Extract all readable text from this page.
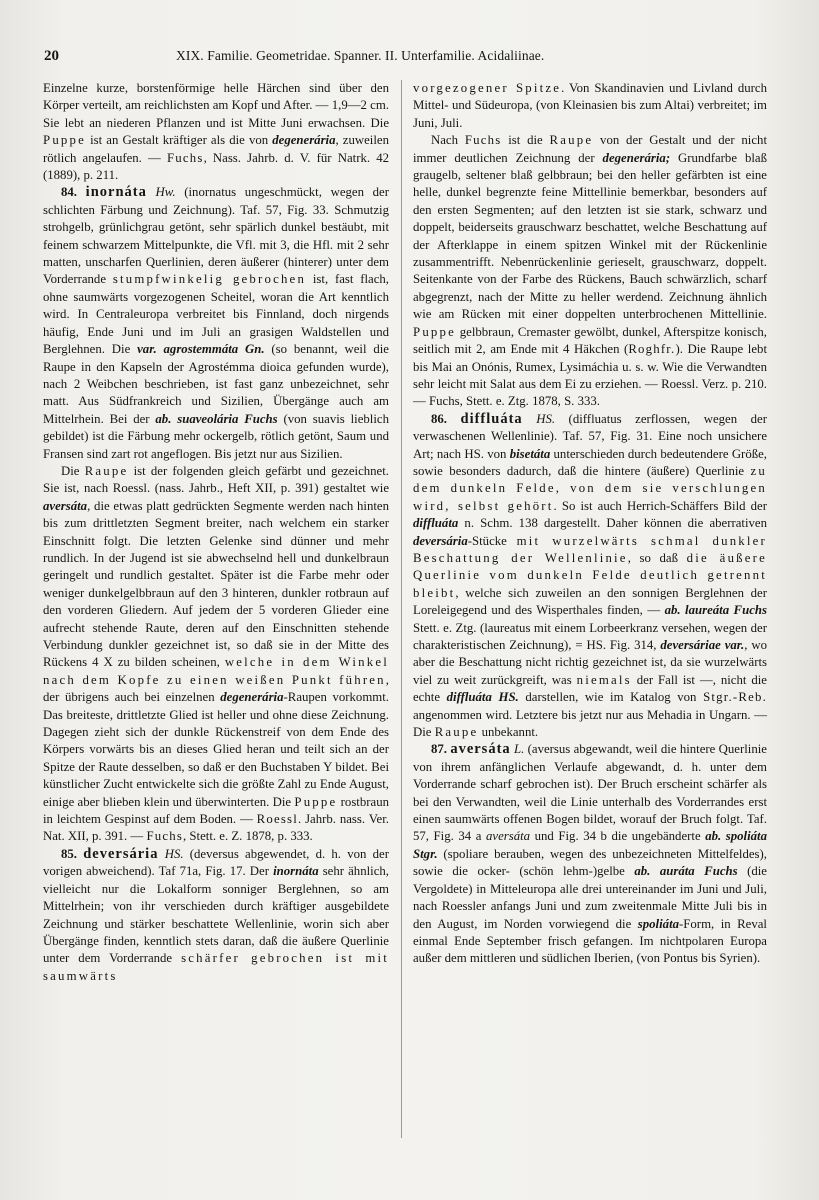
20	XIX. Familie. Geometridae. Spanner. II. Unterfamilie. Acidaliinae.

Einzelne kurze, borstenförmige helle Härchen sind über den Körper verteilt, am reichlichsten am Kopf und After. — 1,9—2 cm. Sie lebt an niederen Pflanzen und ist Mitte Juni erwachsen. Die Puppe ist an Gestalt kräftiger als die von degenerária, zuweilen rötlich angelaufen. — Fuchs, Nass. Jahrb. d. V. für Natrk. 42 (1889), p. 211.

84. inornáta Hw. (inornatus ungeschmückt, wegen der schlichten Färbung und Zeichnung). Taf. 57, Fig. 33. Schmutzig strohgelb, grünlichgrau getönt, sehr spärlich dunkel bestäubt, mit feinem schwarzem Mittelpunkte, die Vfl. mit 3, die Hfl. mit 2 sehr matten, unscharfen Querlinien, deren äußerer (hinterer) unter dem Vorderrande stumpfwinkelig gebrochen ist, fast flach, ohne saumwärts vorgezogenen Scheitel, woran die Art kenntlich wird. In Centraleuropa verbreitet bis Finnland, doch nirgends häufig, Ende Juni und im Juli an grasigen Waldstellen und Berglehnen. Die var. agrostemmáta Gn. (so benannt, weil die Raupe in den Kapseln der Agrostémma dioica gefunden wurde), nach 2 Weibchen beschrieben, ist fast ganz unbezeichnet, sehr matt. Aus Südfrankreich und Sizilien, Übergänge auch am Mittelrhein. Bei der ab. suaveolária Fuchs (von suavis lieblich gebildet) ist die Färbung mehr ockergelb, rötlich getönt, Saum und Fransen sind zart rot angeflogen. Bis jetzt nur aus Sizilien.

Die Raupe ist der folgenden gleich gefärbt und gezeichnet. Sie ist, nach Roessl. (nass. Jahrb., Heft XII, p. 391) gestaltet wie aversáta, die etwas platt gedrückten Segmente werden nach hinten bis zum drittletzten Segment breiter, nach welchem ein starker Einschnitt folgt. Die letzten Gelenke sind dünner und mehr rundlich. In der Jugend ist sie abwechselnd hell und dunkelbraun geringelt und rundlich gestaltet. Später ist die Farbe mehr oder weniger dunkelgelbbraun auf den 3 hinteren, dunkler rotbraun auf den vorderen Gliedern. Auf jedem der 5 vorderen Glieder eine aufrecht stehende Raute, deren auf den Einschnitten stehende Verbindung dunkler gezeichnet ist, so daß sie in der Mitte des Rückens 4 X zu bilden scheinen, welche in dem Winkel nach dem Kopfe zu einen weißen Punkt führen, der übrigens auch bei einzelnen degenerária-Raupen vorkommt. Das breiteste, drittletzte Glied ist heller und ohne diese Zeichnung. Dagegen zieht sich der dunkle Rückenstreif von dem Ende des Körpers vorwärts bis an dieses Glied heran und teilt sich an der Spitze der Raute desselben, so daß er den Buchstaben Y bildet. Bei künstlicher Zucht entwickelte sich die größte Zahl zu Ende August, einige aber blieben klein und überwinterten. Die Puppe rostbraun in leichtem Gespinst auf dem Boden. — Roessl. Jahrb. nass. Ver. Nat. XII, p. 391. — Fuchs, Stett. e. Z. 1878, p. 333.

85. deversária HS. (deversus abgewendet, d. h. von der vorigen abweichend). Taf 71a, Fig. 17. Der inornáta sehr ähnlich, vielleicht nur die Lokalform sonniger Berglehnen, so am Mittelrhein; von ihr verschieden durch kräftiger ausgebildete Zeichnung und stärker beschattete Wellenlinie, worin sich aber Übergänge finden, kenntlich stets daran, daß die äußere Querlinie unter dem Vorderrande schärfer gebrochen ist mit saumwärts

vorgezogener Spitze. Von Skandinavien und Livland durch Mittel- und Südeuropa, (von Kleinasien bis zum Altai) verbreitet; im Juni, Juli.

Nach Fuchs ist die Raupe von der Gestalt und der nicht immer deutlichen Zeichnung der degenerária; Grundfarbe blaß graugelb, seltener blaß gelbbraun; bei den heller gefärbten ist eine helle, dunkel begrenzte feine Mittellinie bemerkbar, besonders auf den ersten Segmenten; auf den letzten ist sie stark, schwarz und doppelt, beiderseits grauschwarz beschattet, welche Beschattung auf der Afterklappe in einem spitzen Winkel mit der Rückenlinie zusammentrifft. Nebenrückenlinie gerieselt, grauschwarz, doppelt. Seitenkante von der Farbe des Rückens, Bauch schwärzlich, scharf abgegrenzt, nach der Mitte zu heller werdend. Zeichnung ähnlich wie am Rücken mit einer doppelten unterbrochenen Mittellinie. Puppe gelbbraun, Cremaster gewölbt, dunkel, Afterspitze konisch, seitlich mit 2, am Ende mit 4 Häkchen (Roghfr.). Die Raupe lebt bis Mai an Onónis, Rumex, Lysimáchia u. s. w. Wie die Verwandten sehr leicht mit Salat aus dem Ei zu erziehen. — Roessl. Verz. p. 210. — Fuchs, Stett. e. Ztg. 1878, S. 333.

86. diffluáta HS. (diffluatus zerflossen, wegen der verwaschenen Wellenlinie). Taf. 57, Fig. 31. Eine noch unsichere Art; nach HS. von bisetáta unterschieden durch bedeutendere Größe, sowie besonders dadurch, daß die hintere (äußere) Querlinie zu dem dunkeln Felde, von dem sie verschlungen wird, selbst gehört. So ist auch Herrich-Schäffers Bild der diffluáta n. Schm. 138 dargestellt. Daher können die aberrativen deversária-Stücke mit wurzelwärts schmal dunkler Beschattung der Wellenlinie, so daß die äußere Querlinie vom dunkeln Felde deutlich getrennt bleibt, welche sich zuweilen an den sonnigen Berglehnen der Loreleigegend und des Wisperthales finden, — ab. laureáta Fuchs Stett. e. Ztg. (laureatus mit einem Lorbeerkranz versehen, wegen der charakteristischen Zeichnung), = HS. Fig. 314, deversáriae var., wo aber die Beschattung nicht richtig gezeichnet ist, da sie wurzelwärts viel zu weit zurückgreift, was niemals der Fall ist —, nicht die echte diffluáta HS. darstellen, wie im Katalog von Stgr.-Reb. angenommen wird. Letztere bis jetzt nur aus Mehadia in Ungarn. — Die Raupe unbekannt.

87. aversáta L. (aversus abgewandt, weil die hintere Querlinie von ihrem anfänglichen Verlaufe abgewandt, d. h. unter dem Vorderrande scharf gebrochen ist). Der Bruch erscheint schärfer als bei den Verwandten, weil die Linie unterhalb des Vorderrandes erst einen saumwärts offenen Bogen bildet, worauf der Bruch folgt. Taf. 57, Fig. 34 a aversáta und Fig. 34 b die ungebänderte ab. spoliáta Stgr. (spoliare berauben, wegen des unbezeichneten Mittelfeldes), sowie die ocker- (schön lehm-)gelbe ab. auráta Fuchs (die Vergoldete) in Mitteleuropa alle drei untereinander im Juni und Juli, nach Roessler anfangs Juni und zum zweitenmale Mitte Juli bis in den August, im Norden vorwiegend die spoliáta-Form, in Reval einmal Ende September frisch gefangen. Im nichtpolaren Europa außer dem mittleren und südlichen Iberien, (von Pontus bis Syrien).
